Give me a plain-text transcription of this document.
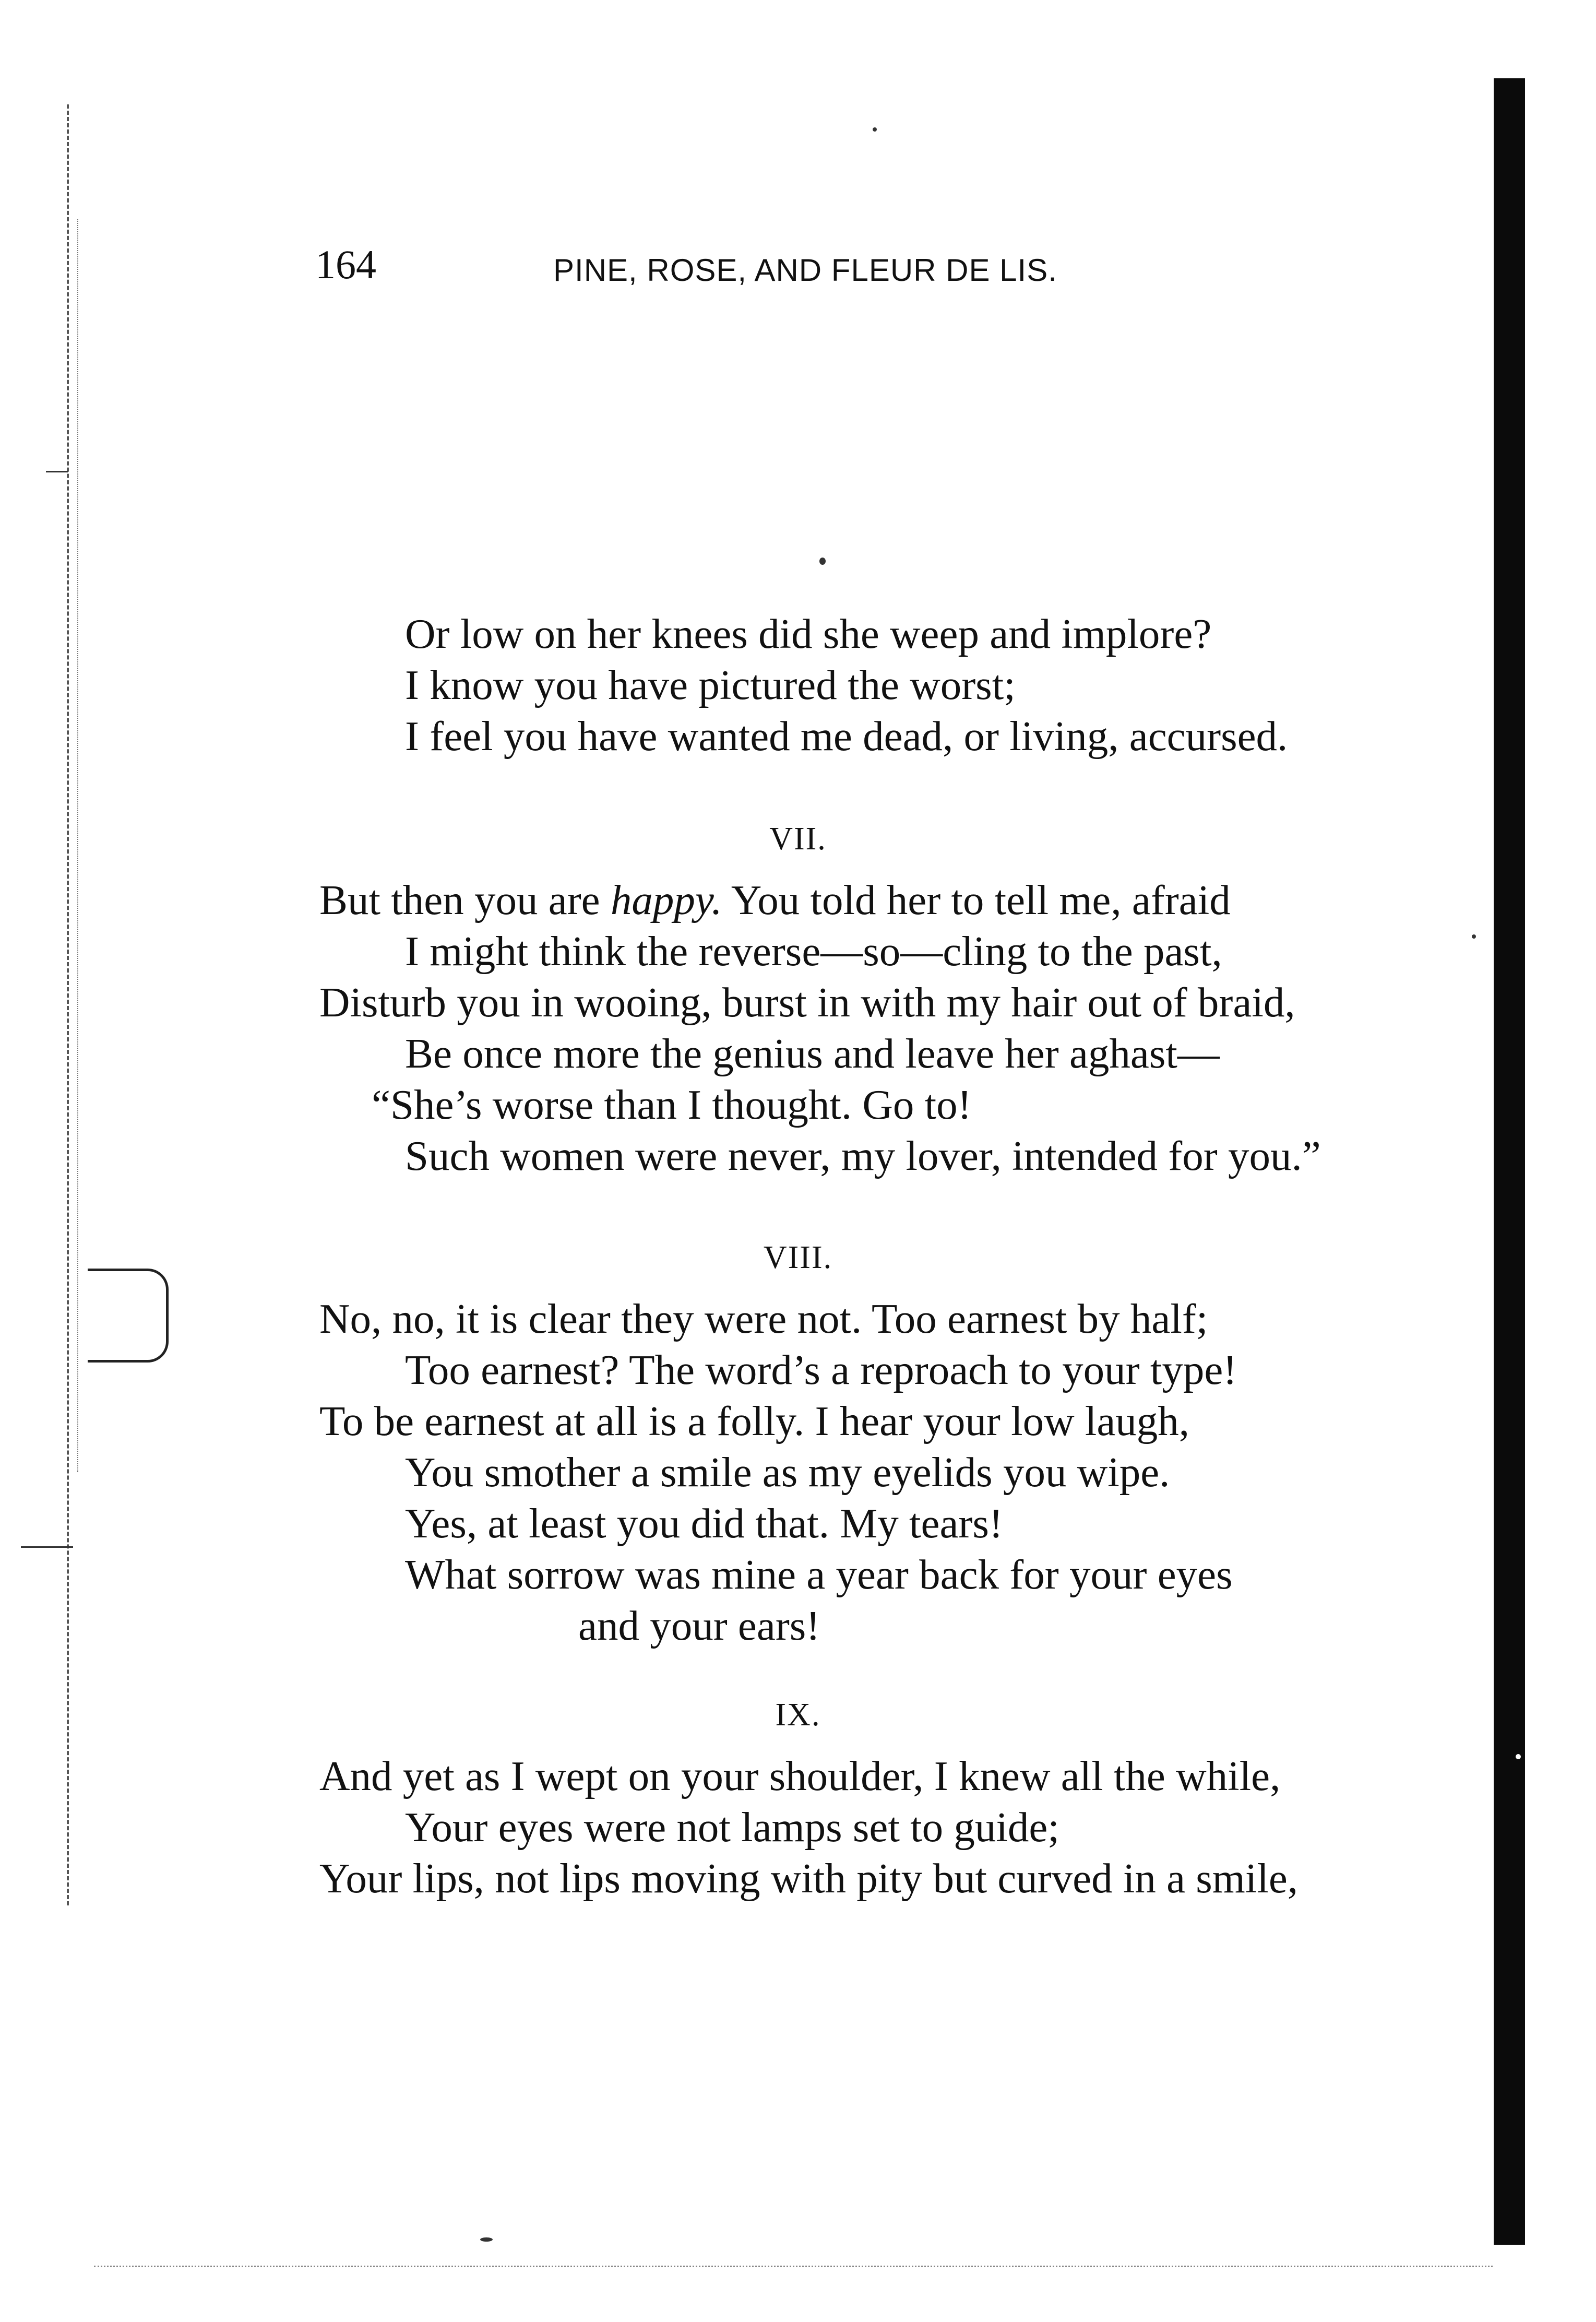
164	PINE, ROSE, AND FLEUR DE LIS.
Or low on her knees did she weep and implore?
I know you have pictured the worst;
I feel you have wanted me dead, or living, accursed.
VII.
But then you are happy. You told her to tell me, afraid
I might think the reverse—so—cling to the past,
Disturb you in wooing, burst in with my hair out of braid,
Be once more the genius and leave her aghast—
“She’s worse than I thought. Go to!
Such women were never, my lover, intended for you.”
VIII.
No, no, it is clear they were not. Too earnest by half;
Too earnest? The word’s a reproach to your type!
To be earnest at all is a folly. I hear your low laugh,
You smother a smile as my eyelids you wipe.
Yes, at least you did that. My tears!
What sorrow was mine a year back for your eyes
and your ears!
IX.
And yet as I wept on your shoulder, I knew all the while,
Your eyes were not lamps set to guide;
Your lips, not lips moving with pity but curved in a smile,
